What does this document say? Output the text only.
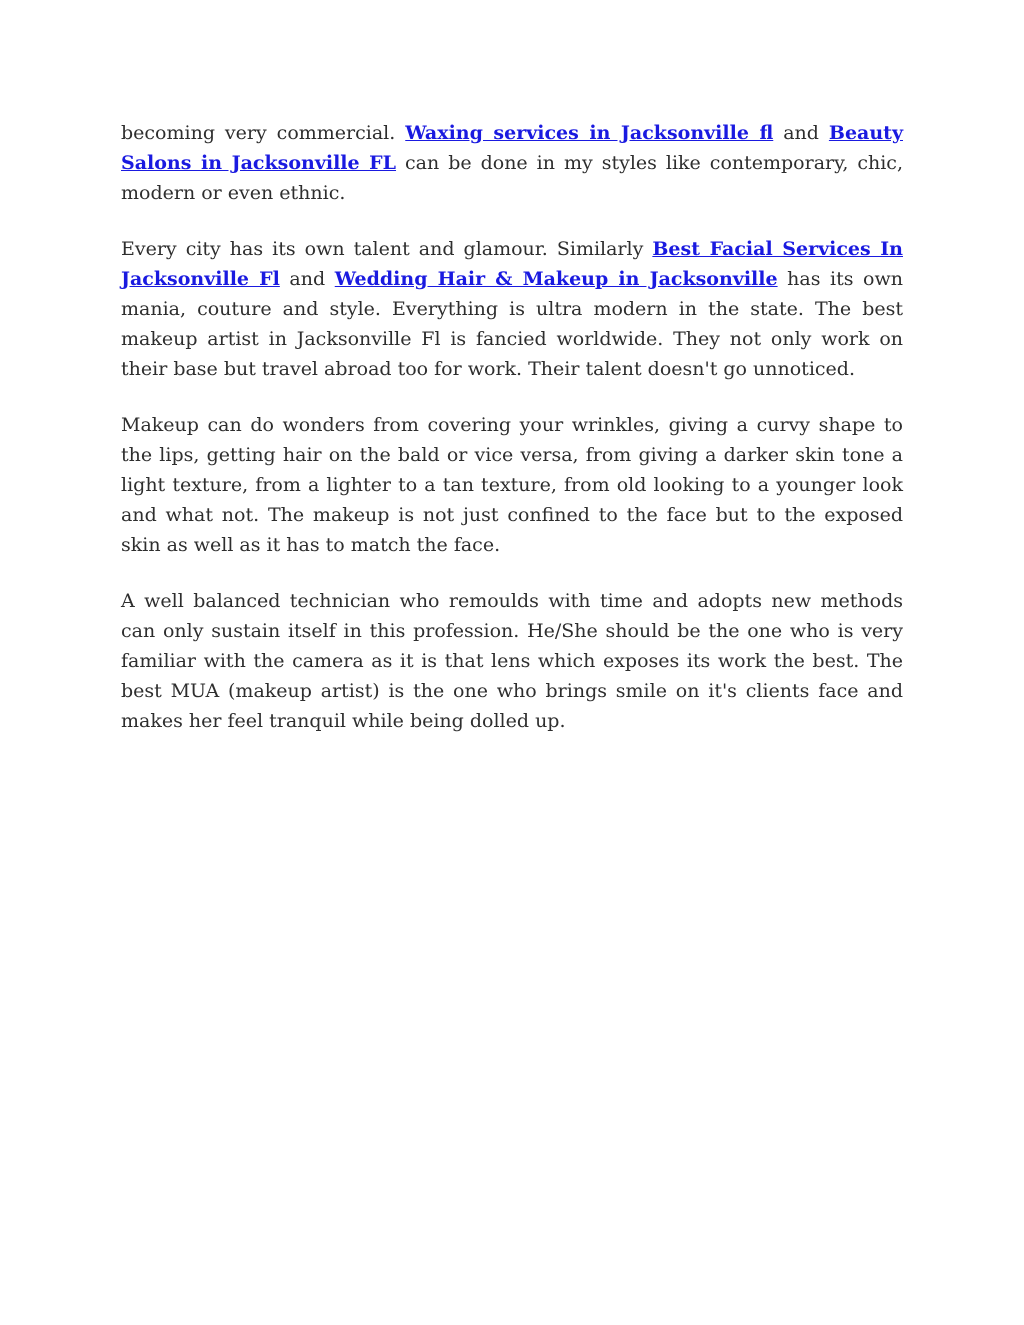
becoming very commercial. Waxing services in Jacksonville fl and Beauty Salons in Jacksonville FL can be done in my styles like contemporary, chic, modern or even ethnic.

Every city has its own talent and glamour. Similarly Best Facial Services In Jacksonville Fl and Wedding Hair & Makeup in Jacksonville has its own mania, couture and style. Everything is ultra modern in the state. The best makeup artist in Jacksonville Fl is fancied worldwide. They not only work on their base but travel abroad too for work. Their talent doesn't go unnoticed.

Makeup can do wonders from covering your wrinkles, giving a curvy shape to the lips, getting hair on the bald or vice versa, from giving a darker skin tone a light texture, from a lighter to a tan texture, from old looking to a younger look and what not. The makeup is not just confined to the face but to the exposed skin as well as it has to match the face.

A well balanced technician who remoulds with time and adopts new methods can only sustain itself in this profession. He/She should be the one who is very familiar with the camera as it is that lens which exposes its work the best. The best MUA (makeup artist) is the one who brings smile on it's clients face and makes her feel tranquil while being dolled up.
